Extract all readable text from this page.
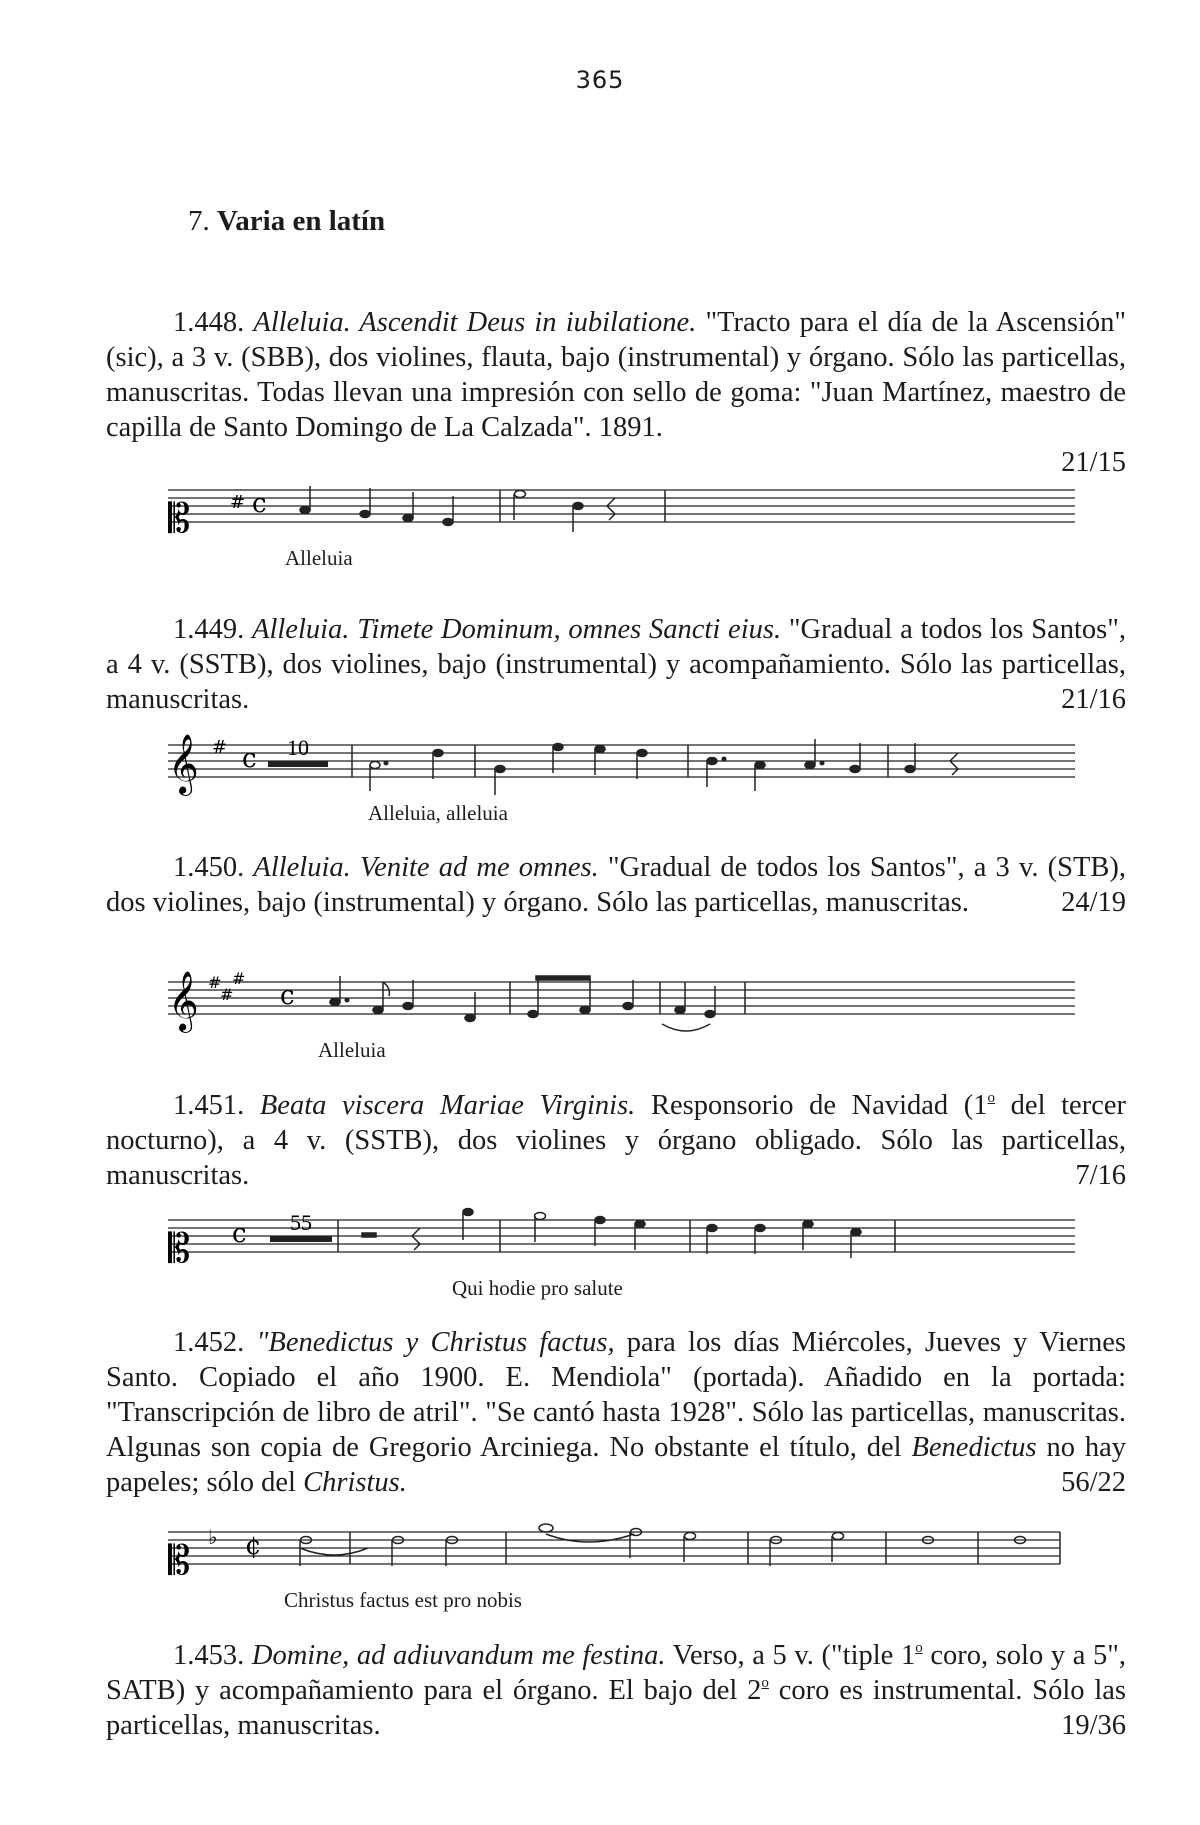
365
7. Varia en latín

1.448. Alleluia. Ascendit Deus in iubilatione. "Tracto para el día de la Ascensión" (sic), a 3 v. (SBB), dos violines, flauta, bajo (instrumental) y órgano. Sólo las particellas, manuscritas. Todas llevan una impresión con sello de goma: "Juan Martínez, maestro de capilla de Santo Domingo de La Calzada". 1891.

21/15

𝄡 # c
Alleluia

1.449. Alleluia. Timete Dominum, omnes Sancti eius. "Gradual a todos los Santos", a 4 v. (SSTB), dos violines, bajo (instrumental) y acompañamiento. Sólo las particellas, manuscritas.	21/16

𝄞 # c 10
Alleluia, alleluia

1.450. Alleluia. Venite ad me omnes. "Gradual de todos los Santos", a 3 v. (STB), dos violines, bajo (instrumental) y órgano. Sólo las particellas, manuscritas.	24/19

𝄞 #
#
#
c
Alleluia

1.451. Beata viscera Mariae Virginis. Responsorio de Navidad (1$^o$ del tercer nocturno), a 4 v. (SSTB), dos violines y órgano obligado. Sólo las particellas, manuscritas.	7/16

𝄡 c 55
Qui hodie pro salute

1.452. "Benedictus y Christus factus, para los días Miércoles, Jueves y Viernes Santo. Copiado el año 1900. E. Mendiola" (portada). Añadido en la portada: "Transcripción de libro de atril". "Se cantó hasta 1928". Sólo las particellas, manuscritas. Algunas son copia de Gregorio Arciniega. No obstante el título, del Benedictus no hay papeles; sólo del Christus.	56/22

𝄡
♭ ¢
Christus factus est pro nobis

1.453. Domine, ad adiuvandum me festina. Verso, a 5 v. ("tiple 1$^o$ coro, solo y a 5", SATB) y acompañamiento para el órgano. El bajo del 2$^o$ coro es instrumental. Sólo las particellas, manuscritas.	19/36
